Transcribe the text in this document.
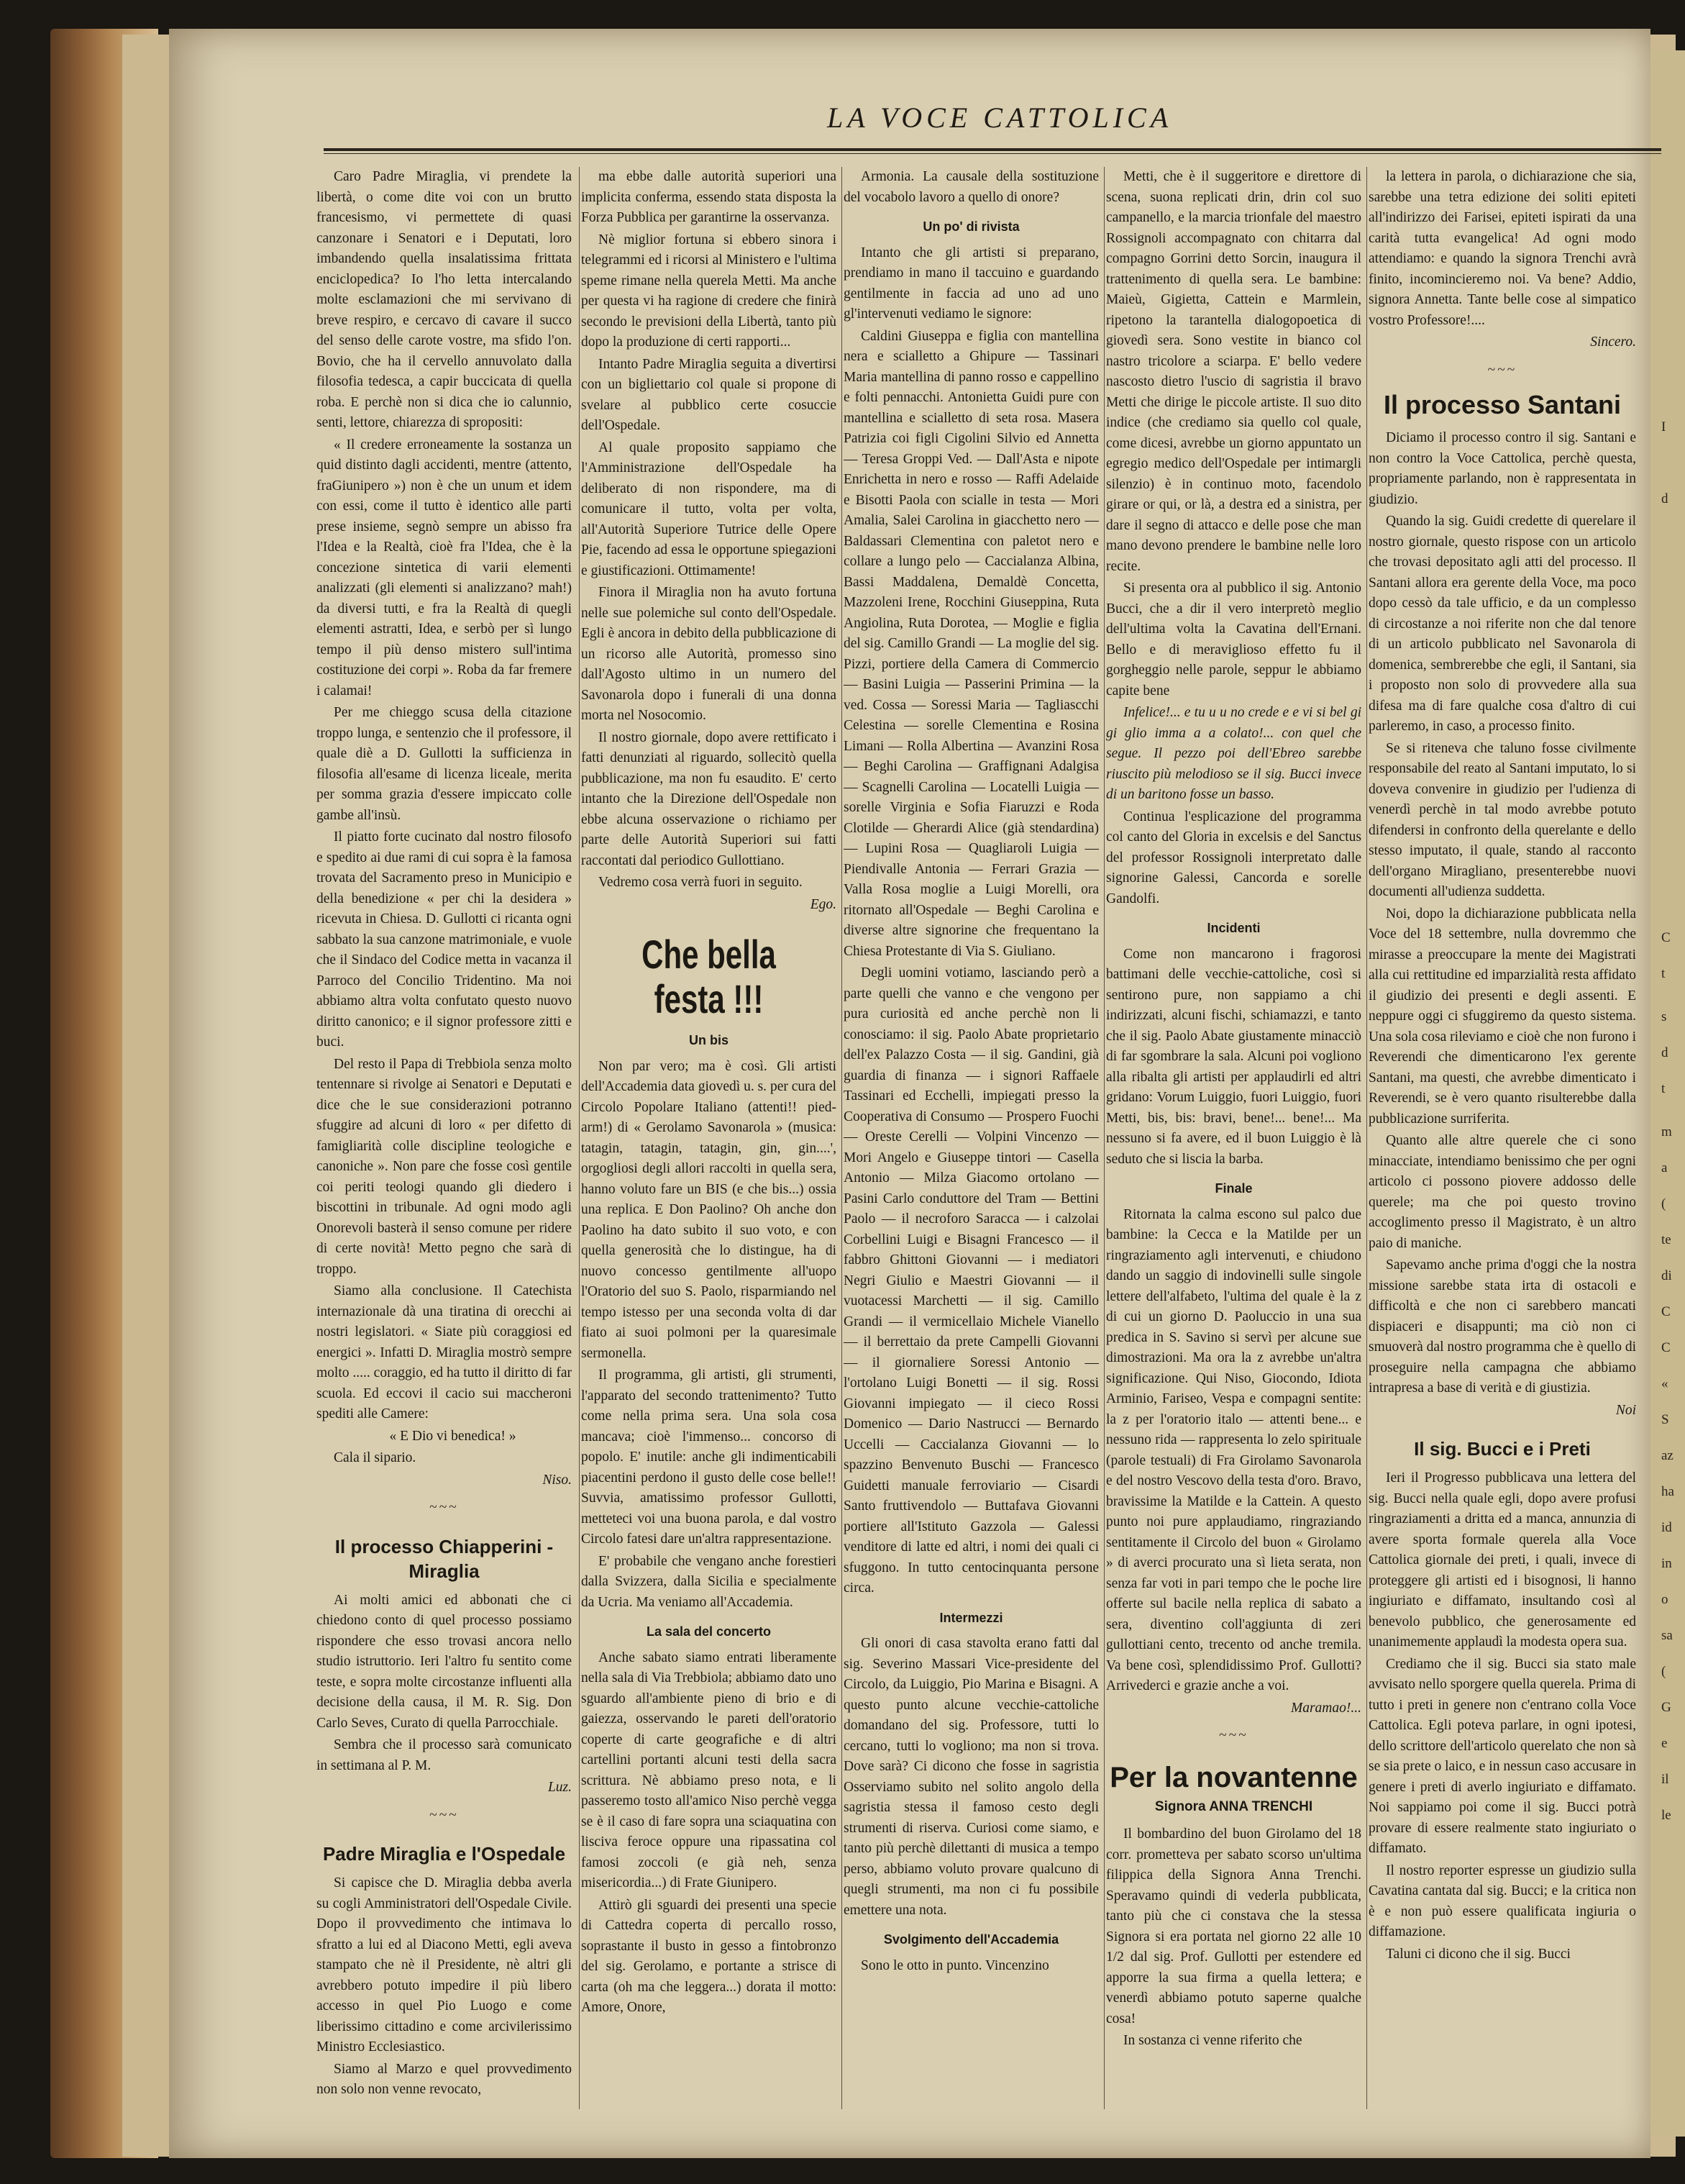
LA VOCE CATTOLICA

Caro Padre Miraglia, vi prendete la libertà, o come dite voi con un brutto francesismo, vi permettete di quasi canzonare i Senatori e i Deputati, loro imbandendo quella insalatissima frittata enciclopedica? Io l'ho letta intercalando molte esclamazioni che mi servivano di breve respiro, e cercavo di cavare il succo del senso delle carote vostre, ma sfido l'on. Bovio, che ha il cervello annuvolato dalla filosofia tedesca, a capir buccicata di quella roba. E perchè non si dica che io calunnio, senti, lettore, chiarezza di spropositi:

« Il credere erroneamente la sostanza un quid distinto dagli accidenti, mentre (attento, fraGiunipero ») non è che un unum et idem con essi, come il tutto è identico alle parti prese insieme, segnò sempre un abisso fra l'Idea e la Realtà, cioè fra l'Idea, che è la concezione sintetica di varii elementi analizzati (gli elementi si analizzano? mah!) da diversi tutti, e fra la Realtà di quegli elementi astratti, Idea, e serbò per sì lungo tempo il più denso mistero sull'intima costituzione dei corpi ». Roba da far fremere i calamai!

Per me chieggo scusa della citazione troppo lunga, e sentenzio che il professore, il quale diè a D. Gullotti la sufficienza in filosofia all'esame di licenza liceale, merita per somma grazia d'essere impiccato colle gambe all'insù.

Il piatto forte cucinato dal nostro filosofo e spedito ai due rami di cui sopra è la famosa trovata del Sacramento preso in Municipio e della benedizione « per chi la desidera » ricevuta in Chiesa. D. Gullotti ci ricanta ogni sabbato la sua canzone matrimoniale, e vuole che il Sindaco del Codice metta in vacanza il Parroco del Concilio Tridentino. Ma noi abbiamo altra volta confutato questo nuovo diritto canonico; e il signor professore zitti e buci.

Del resto il Papa di Trebbiola senza molto tentennare si rivolge ai Senatori e Deputati e dice che le sue considerazioni potranno sfuggire ad alcuni di loro « per difetto di famigliarità colle discipline teologiche e canoniche ». Non pare che fosse così gentile coi periti teologi quando gli diedero i biscottini in tribunale. Ad ogni modo agli Onorevoli basterà il senso comune per ridere di certe novità! Metto pegno che sarà di troppo.

Siamo alla conclusione. Il Catechista internazionale dà una tiratina di orecchi ai nostri legislatori. « Siate più coraggiosi ed energici ». Infatti D. Miraglia mostrò sempre molto ..... coraggio, ed ha tutto il diritto di far scuola. Ed eccovi il cacio sui maccheroni spediti alle Camere:

« E Dio vi benedica! »

Cala il sipario.

Niso.
~~~
Il processo Chiapperini - Miraglia

Ai molti amici ed abbonati che ci chiedono conto di quel processo possiamo rispondere che esso trovasi ancora nello studio istruttorio. Ieri l'altro fu sentito come teste, e sopra molte circostanze influenti alla decisione della causa, il M. R. Sig. Don Carlo Seves, Curato di quella Parrocchiale.

Sembra che il processo sarà comunicato in settimana al P. M.

Luz.
~~~
Padre Miraglia e l'Ospedale

Si capisce che D. Miraglia debba averla su cogli Amministratori dell'Ospedale Civile. Dopo il provvedimento che intimava lo sfratto a lui ed al Diacono Metti, egli aveva stampato che nè il Presidente, nè altri gli avrebbero potuto impedire il più libero accesso in quel Pio Luogo e come liberissimo cittadino e come arcivilerissimo Ministro Ecclesiastico.

Siamo al Marzo e quel provvedimento non solo non venne revocato,

ma ebbe dalle autorità superiori una implicita conferma, essendo stata disposta la Forza Pubblica per garantirne la osservanza.

Nè miglior fortuna si ebbero sinora i telegrammi ed i ricorsi al Ministero e l'ultima speme rimane nella querela Metti. Ma anche per questa vi ha ragione di credere che finirà secondo le previsioni della Libertà, tanto più dopo la produzione di certi rapporti...

Intanto Padre Miraglia seguita a divertirsi con un bigliettario col quale si propone di svelare al pubblico certe cosuccie dell'Ospedale.

Al quale proposito sappiamo che l'Amministrazione dell'Ospedale ha deliberato di non rispondere, ma di comunicare il tutto, volta per volta, all'Autorità Superiore Tutrice delle Opere Pie, facendo ad essa le opportune spiegazioni e giustificazioni. Ottimamente!

Finora il Miraglia non ha avuto fortuna nelle sue polemiche sul conto dell'Ospedale. Egli è ancora in debito della pubblicazione di un ricorso alle Autorità, promesso sino dall'Agosto ultimo in un numero del Savonarola dopo i funerali di una donna morta nel Nosocomio.

Il nostro giornale, dopo avere rettificato i fatti denunziati al riguardo, sollecitò quella pubblicazione, ma non fu esaudito. E' certo intanto che la Direzione dell'Ospedale non ebbe alcuna osservazione o richiamo per parte delle Autorità Superiori sui fatti raccontati dal periodico Gullottiano.

Vedremo cosa verrà fuori in seguito.

Ego.
Che bella festa !!!
Un bis

Non par vero; ma è così. Gli artisti dell'Accademia data giovedì u. s. per cura del Circolo Popolare Italiano (attenti!! pied-arm!) di « Gerolamo Savonarola » (musica: tatagin, tatagin, tatagin, gin, gin....', orgogliosi degli allori raccolti in quella sera, hanno voluto fare un BIS (e che bis...) ossia una replica. E Don Paolino? Oh anche don Paolino ha dato subito il suo voto, e con quella generosità che lo distingue, ha di nuovo concesso gentilmente all'uopo l'Oratorio del suo S. Paolo, risparmiando nel tempo istesso per una seconda volta di dar fiato ai suoi polmoni per la quaresimale sermonella.

Il programma, gli artisti, gli strumenti, l'apparato del secondo trattenimento? Tutto come nella prima sera. Una sola cosa mancava; cioè l'immenso... concorso di popolo. E' inutile: anche gli indimenticabili piacentini perdono il gusto delle cose belle!! Suvvia, amatissimo professor Gullotti, metteteci voi una buona parola, e dal vostro Circolo fatesi dare un'altra rappresentazione.

E' probabile che vengano anche forestieri dalla Svizzera, dalla Sicilia e specialmente da Ucria. Ma veniamo all'Accademia.

La sala del concerto

Anche sabato siamo entrati liberamente nella sala di Via Trebbiola; abbiamo dato uno sguardo all'ambiente pieno di brio e di gaiezza, osservando le pareti dell'oratorio coperte di carte geografiche e di altri cartellini portanti alcuni testi della sacra scrittura. Nè abbiamo preso nota, e li passeremo tosto all'amico Niso perchè vegga se è il caso di fare sopra una sciaquatina con lisciva feroce oppure una ripassatina col famosi zoccoli (e già neh, senza misericordia...) di Frate Giunipero.

Attirò gli sguardi dei presenti una specie di Cattedra coperta di percallo rosso, soprastante il busto in gesso a fintobronzo del sig. Gerolamo, e portante a strisce di carta (oh ma che leggera...) dorata il motto: Amore, Onore,

Armonia. La causale della sostituzione del vocabolo lavoro a quello di onore?

Un po' di rivista

Intanto che gli artisti si preparano, prendiamo in mano il taccuino e guardando gentilmente in faccia ad uno ad uno gl'intervenuti vediamo le signore:

Caldini Giuseppa e figlia con mantellina nera e scialletto a Ghipure — Tassinari Maria mantellina di panno rosso e cappellino e folti pennacchi. Antonietta Guidi pure con mantellina e scialletto di seta rosa. Masera Patrizia coi figli Cigolini Silvio ed Annetta — Teresa Groppi Ved. — Dall'Asta e nipote Enrichetta in nero e rosso — Raffi Adelaide e Bisotti Paola con scialle in testa — Mori Amalia, Salei Carolina in giacchetto nero — Baldassari Clementina con paletot nero e collare a lungo pelo — Caccialanza Albina, Bassi Maddalena, Demaldè Concetta, Mazzoleni Irene, Rocchini Giuseppina, Ruta Angiolina, Ruta Dorotea, — Moglie e figlia del sig. Camillo Grandi — La moglie del sig. Pizzi, portiere della Camera di Commercio — Basini Luigia — Passerini Primina — la ved. Cossa — Soressi Maria — Tagliascchi Celestina — sorelle Clementina e Rosina Limani — Rolla Albertina — Avanzini Rosa — Beghi Carolina — Graffignani Adalgisa — Scagnelli Carolina — Locatelli Luigia — sorelle Virginia e Sofia Fiaruzzi e Roda Clotilde — Gherardi Alice (già stendardina) — Lupini Rosa — Quagliaroli Luigia — Piendivalle Antonia — Ferrari Grazia — Valla Rosa moglie a Luigi Morelli, ora ritornato all'Ospedale — Beghi Carolina e diverse altre signorine che frequentano la Chiesa Protestante di Via S. Giuliano.

Degli uomini votiamo, lasciando però a parte quelli che vanno e che vengono per pura curiosità ed anche perchè non li conosciamo: il sig. Paolo Abate proprietario dell'ex Palazzo Costa — il sig. Gandini, già guardia di finanza — i signori Raffaele Tassinari ed Ecchelli, impiegati presso la Cooperativa di Consumo — Prospero Fuochi — Oreste Cerelli — Volpini Vincenzo — Mori Angelo e Giuseppe tintori — Casella Antonio — Milza Giacomo ortolano — Pasini Carlo conduttore del Tram — Bettini Paolo — il necroforo Saracca — i calzolai Corbellini Luigi e Bisagni Francesco — il fabbro Ghittoni Giovanni — i mediatori Negri Giulio e Maestri Giovanni — il vuotacessi Marchetti — il sig. Camillo Grandi — il vermicellaio Michele Vianello — il berrettaio da prete Campelli Giovanni — il giornaliere Soressi Antonio — l'ortolano Luigi Bonetti — il sig. Rossi Giovanni impiegato — il cieco Rossi Domenico — Dario Nastrucci — Bernardo Uccelli — Caccialanza Giovanni — lo spazzino Benvenuto Buschi — Francesco Guidetti manuale ferroviario — Cisardi Santo fruttivendolo — Buttafava Giovanni portiere all'Istituto Gazzola — Galessi venditore di latte ed altri, i nomi dei quali ci sfuggono. In tutto centocinquanta persone circa.

Intermezzi

Gli onori di casa stavolta erano fatti dal sig. Severino Massari Vice-presidente del Circolo, da Luiggio, Pio Marina e Bisagni. A questo punto alcune vecchie-cattoliche domandano del sig. Professore, tutti lo cercano, tutti lo vogliono; ma non si trova. Dove sarà? Ci dicono che fosse in sagristia Osserviamo subito nel solito angolo della sagristia stessa il famoso cesto degli strumenti di riserva. Curiosi come siamo, e tanto più perchè dilettanti di musica a tempo perso, abbiamo voluto provare qualcuno di quegli strumenti, ma non ci fu possibile emettere una nota.

Svolgimento dell'Accademia

Sono le otto in punto. Vincenzino

Metti, che è il suggeritore e direttore di scena, suona replicati drin, drin col suo campanello, e la marcia trionfale del maestro Rossignoli accompagnato con chitarra dal compagno Gorrini detto Sorcin, inaugura il trattenimento di quella sera. Le bambine: Maieù, Gigietta, Cattein e Marmlein, ripetono la tarantella dialogopoetica di giovedì sera. Sono vestite in bianco col nastro tricolore a sciarpa. E' bello vedere nascosto dietro l'uscio di sagristia il bravo Metti che dirige le piccole artiste. Il suo dito indice (che crediamo sia quello col quale, come dicesi, avrebbe un giorno appuntato un egregio medico dell'Ospedale per intimargli silenzio) è in continuo moto, facendolo girare or qui, or là, a destra ed a sinistra, per dare il segno di attacco e delle pose che man mano devono prendere le bambine nelle loro recite.

Si presenta ora al pubblico il sig. Antonio Bucci, che a dir il vero interpretò meglio dell'ultima volta la Cavatina dell'Ernani. Bello e di meraviglioso effetto fu il gorgheggio nelle parole, seppur le abbiamo capite bene

Infelice!... e tu u u no crede e e vi si bel gi gi glio imma a a colato!... con quel che segue. Il pezzo poi dell'Ebreo sarebbe riuscito più melodioso se il sig. Bucci invece di un baritono fosse un basso.

Continua l'esplicazione del programma col canto del Gloria in excelsis e del Sanctus del professor Rossignoli interpretato dalle signorine Galessi, Cancorda e sorelle Gandolfi.

Incidenti

Come non mancarono i fragorosi battimani delle vecchie-cattoliche, così si sentirono pure, non sappiamo a chi indirizzati, alcuni fischi, schiamazzi, e tanto che il sig. Paolo Abate giustamente minacciò di far sgombrare la sala. Alcuni poi vogliono alla ribalta gli artisti per applaudirli ed altri gridano: Vorum Luiggio, fuori Luiggio, fuori Metti, bis, bis: bravi, bene!... bene!... Ma nessuno si fa avere, ed il buon Luiggio è là seduto che si liscia la barba.

Finale

Ritornata la calma escono sul palco due bambine: la Cecca e la Matilde per un ringraziamento agli intervenuti, e chiudono dando un saggio di indovinelli sulle singole lettere dell'alfabeto, l'ultima del quale è la z di cui un giorno D. Paoluccio in una sua predica in S. Savino si servì per alcune sue dimostrazioni. Ma ora la z avrebbe un'altra significazione. Qui Niso, Giocondo, Idiota Arminio, Fariseo, Vespa e compagni sentite: la z per l'oratorio italo — attenti bene... e nessuno rida — rappresenta lo zelo spirituale (parole testuali) di Fra Girolamo Savonarola e del nostro Vescovo della testa d'oro. Bravo, bravissime la Matilde e la Cattein. A questo punto noi pure applaudiamo, ringraziando sentitamente il Circolo del buon « Girolamo » di averci procurato una sì lieta serata, non senza far voti in pari tempo che le poche lire offerte sul bacile nella replica di sabato a sera, diventino coll'aggiunta di zeri gullottiani cento, trecento od anche tremila. Va bene così, splendidissimo Prof. Gullotti? Arrivederci e grazie anche a voi.

Maramao!...
~~~
Per la novantenne
Signora ANNA TRENCHI

Il bombardino del buon Girolamo del 18 corr. prometteva per sabato scorso un'ultima filippica della Signora Anna Trenchi. Speravamo quindi di vederla pubblicata, tanto più che ci constava che la stessa Signora si era portata nel giorno 22 alle 10 1/2 dal sig. Prof. Gullotti per estendere ed apporre la sua firma a quella lettera; e venerdì abbiamo potuto saperne qualche cosa!

In sostanza ci venne riferito che

la lettera in parola, o dichiarazione che sia, sarebbe una tetra edizione dei soliti epiteti all'indirizzo dei Farisei, epiteti ispirati da una carità tutta evangelica! Ad ogni modo attendiamo: e quando la signora Trenchi avrà finito, incomincieremo noi. Va bene? Addio, signora Annetta. Tante belle cose al simpatico vostro Professore!....

Sincero.
~~~
Il processo Santani

Diciamo il processo contro il sig. Santani e non contro la Voce Cattolica, perchè questa, propriamente parlando, non è rappresentata in giudizio.

Quando la sig. Guidi credette di querelare il nostro giornale, questo rispose con un articolo che trovasi depositato agli atti del processo. Il Santani allora era gerente della Voce, ma poco dopo cessò da tale ufficio, e da un complesso di circostanze a noi riferite non che dal tenore di un articolo pubblicato nel Savonarola di domenica, sembrerebbe che egli, il Santani, sia i proposto non solo di provvedere alla sua difesa ma di fare qualche cosa d'altro di cui parleremo, in caso, a processo finito.

Se si riteneva che taluno fosse civilmente responsabile del reato al Santani imputato, lo si doveva convenire in giudizio per l'udienza di venerdì perchè in tal modo avrebbe potuto difendersi in confronto della querelante e dello stesso imputato, il quale, stando al racconto dell'organo Miragliano, presenterebbe nuovi documenti all'udienza suddetta.

Noi, dopo la dichiarazione pubblicata nella Voce del 18 settembre, nulla dovremmo che mirasse a preoccupare la mente dei Magistrati alla cui rettitudine ed imparzialità resta affidato il giudizio dei presenti e degli assenti. E neppure oggi ci sfuggiremo da questo sistema. Una sola cosa rileviamo e cioè che non furono i Reverendi che dimenticarono l'ex gerente Santani, ma questi, che avrebbe dimenticato i Reverendi, se è vero quanto risulterebbe dalla pubblicazione surriferita.

Quanto alle altre querele che ci sono minacciate, intendiamo benissimo che per ogni articolo ci possono piovere addosso delle querele; ma che poi questo trovino accoglimento presso il Magistrato, è un altro paio di maniche.

Sapevamo anche prima d'oggi che la nostra missione sarebbe stata irta di ostacoli e difficoltà e che non ci sarebbero mancati dispiaceri e disappunti; ma ciò non ci smuoverà dal nostro programma che è quello di proseguire nella campagna che abbiamo intrapresa a base di verità e di giustizia.

Noi
Il sig. Bucci e i Preti

Ieri il Progresso pubblicava una lettera del sig. Bucci nella quale egli, dopo avere profusi ringraziamenti a dritta ed a manca, annunzia di avere sporta formale querela alla Voce Cattolica giornale dei preti, i quali, invece di proteggere gli artisti ed i bisognosi, li hanno ingiuriato e diffamato, insultando così al benevolo pubblico, che generosamente ed unanimemente applaudì la modesta opera sua.

Crediamo che il sig. Bucci sia stato male avvisato nello sporgere quella querela. Prima di tutto i preti in genere non c'entrano colla Voce Cattolica. Egli poteva parlare, in ogni ipotesi, dello scrittore dell'articolo querelato che non sà se sia prete o laico, e in nessun caso accusare in genere i preti di averlo ingiuriato e diffamato. Noi sappiamo poi come il sig. Bucci potrà provare di essere realmente stato ingiuriato o diffamato.

Il nostro reporter espresse un giudizio sulla Cavatina cantata dal sig. Bucci; e la critica non è e non può essere qualificata ingiuria o diffamazione.

Taluni ci dicono che il sig. Bucci

I
d
C
t
s
d
t
m
a
(
te
di
C
C
«
S
az
ha
id
in
o
sa
(
G
e
il
le
